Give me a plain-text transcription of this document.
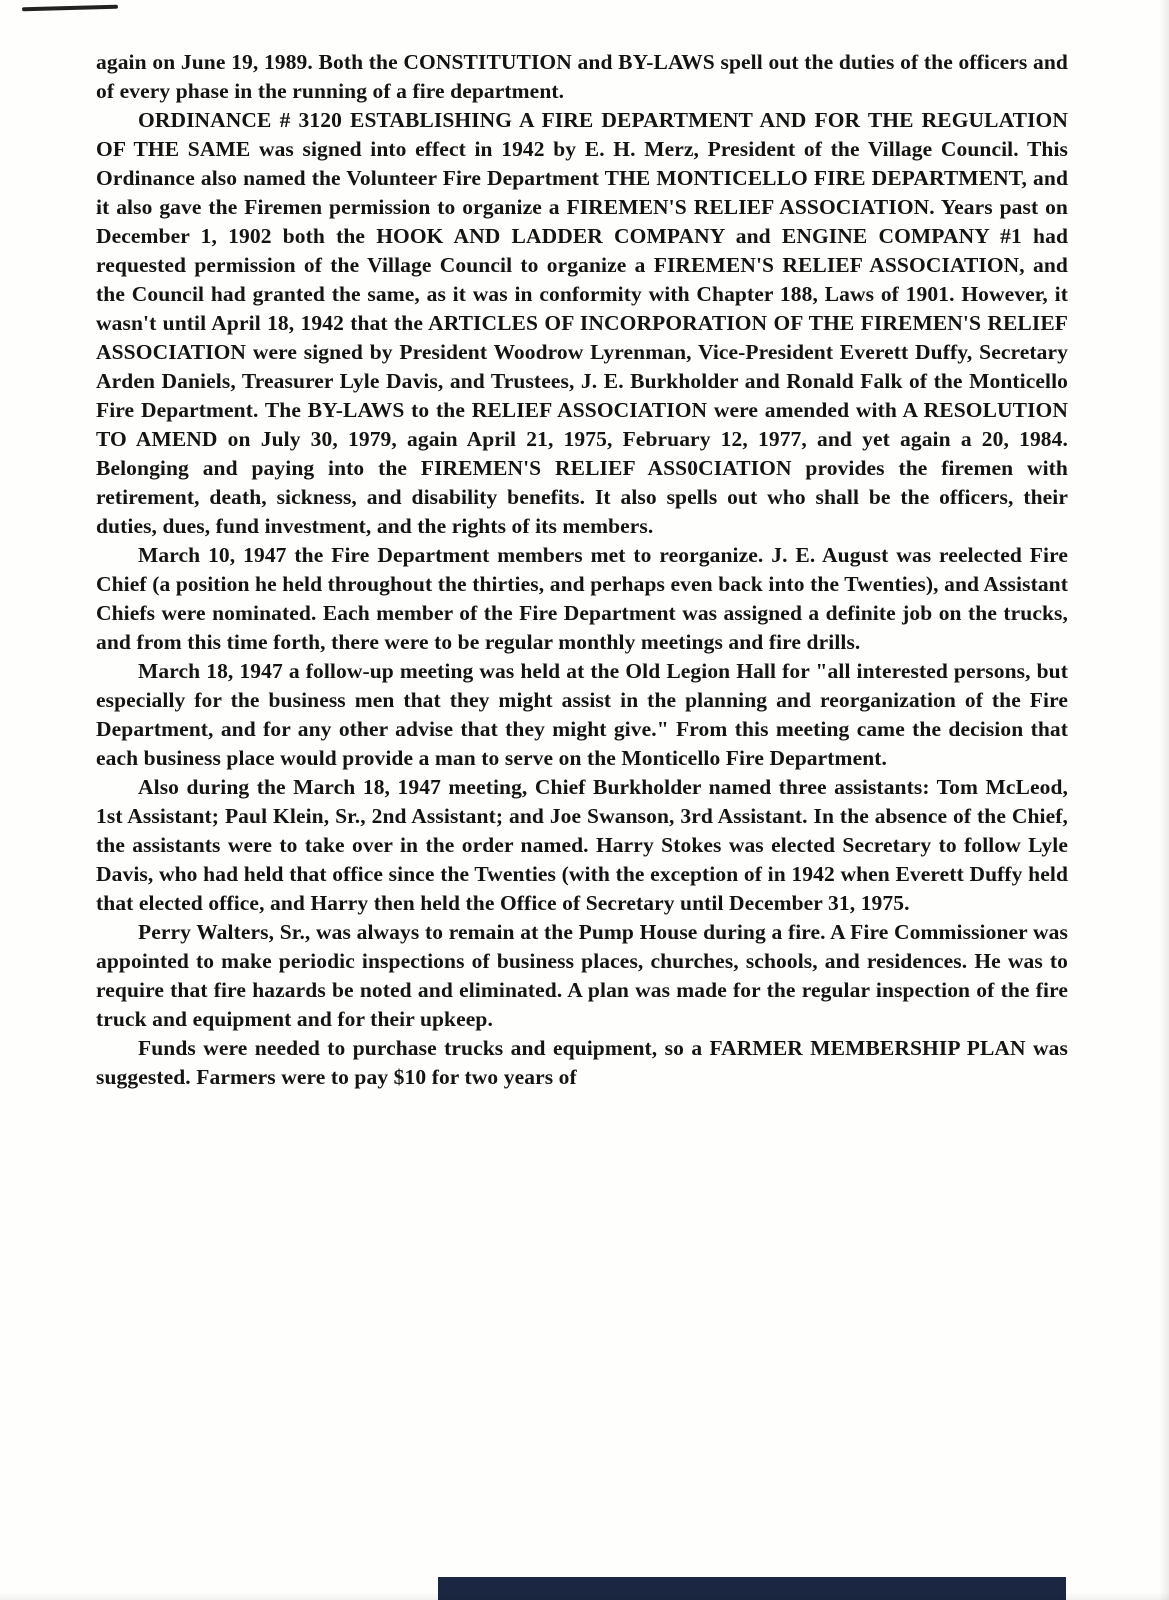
again on June 19, 1989. Both the CONSTITUTION and BY-LAWS spell out the duties of the officers and of every phase in the running of a fire department.

ORDINANCE # 3120 ESTABLISHING A FIRE DEPARTMENT AND FOR THE REGULATION OF THE SAME was signed into effect in 1942 by E. H. Merz, President of the Village Council. This Ordinance also named the Volunteer Fire Department THE MONTICELLO FIRE DEPARTMENT, and it also gave the Firemen permission to organize a FIREMEN'S RELIEF ASSOCIATION. Years past on December 1, 1902 both the HOOK AND LADDER COMPANY and ENGINE COMPANY #1 had requested permission of the Village Council to organize a FIREMEN'S RELIEF ASSOCIATION, and the Council had granted the same, as it was in conformity with Chapter 188, Laws of 1901. However, it wasn't until April 18, 1942 that the ARTICLES OF INCORPORATION OF THE FIREMEN'S RELIEF ASSOCIATION were signed by President Woodrow Lyrenman, Vice-President Everett Duffy, Secretary Arden Daniels, Treasurer Lyle Davis, and Trustees, J. E. Burkholder and Ronald Falk of the Monticello Fire Department. The BY-LAWS to the RELIEF ASSOCIATION were amended with A RESOLUTION TO AMEND on July 30, 1979, again April 21, 1975, February 12, 1977, and yet again a 20, 1984. Belonging and paying into the FIREMEN'S RELIEF ASS0CIATION provides the firemen with retirement, death, sickness, and disability benefits. It also spells out who shall be the officers, their duties, dues, fund investment, and the rights of its members.

March 10, 1947 the Fire Department members met to reorganize. J. E. August was reelected Fire Chief (a position he held throughout the thirties, and perhaps even back into the Twenties), and Assistant Chiefs were nominated. Each member of the Fire Department was assigned a definite job on the trucks, and from this time forth, there were to be regular monthly meetings and fire drills.

March 18, 1947 a follow-up meeting was held at the Old Legion Hall for "all interested persons, but especially for the business men that they might assist in the planning and reorganization of the Fire Department, and for any other advise that they might give." From this meeting came the decision that each business place would provide a man to serve on the Monticello Fire Department.

Also during the March 18, 1947 meeting, Chief Burkholder named three assistants: Tom McLeod, 1st Assistant; Paul Klein, Sr., 2nd Assistant; and Joe Swanson, 3rd Assistant. In the absence of the Chief, the assistants were to take over in the order named. Harry Stokes was elected Secretary to follow Lyle Davis, who had held that office since the Twenties (with the exception of in 1942 when Everett Duffy held that elected office, and Harry then held the Office of Secretary until December 31, 1975.

Perry Walters, Sr., was always to remain at the Pump House during a fire. A Fire Commissioner was appointed to make periodic inspections of business places, churches, schools, and residences. He was to require that fire hazards be noted and eliminated. A plan was made for the regular inspection of the fire truck and equipment and for their upkeep.

Funds were needed to purchase trucks and equipment, so a FARMER MEMBERSHIP PLAN was suggested. Farmers were to pay $10 for two years of
